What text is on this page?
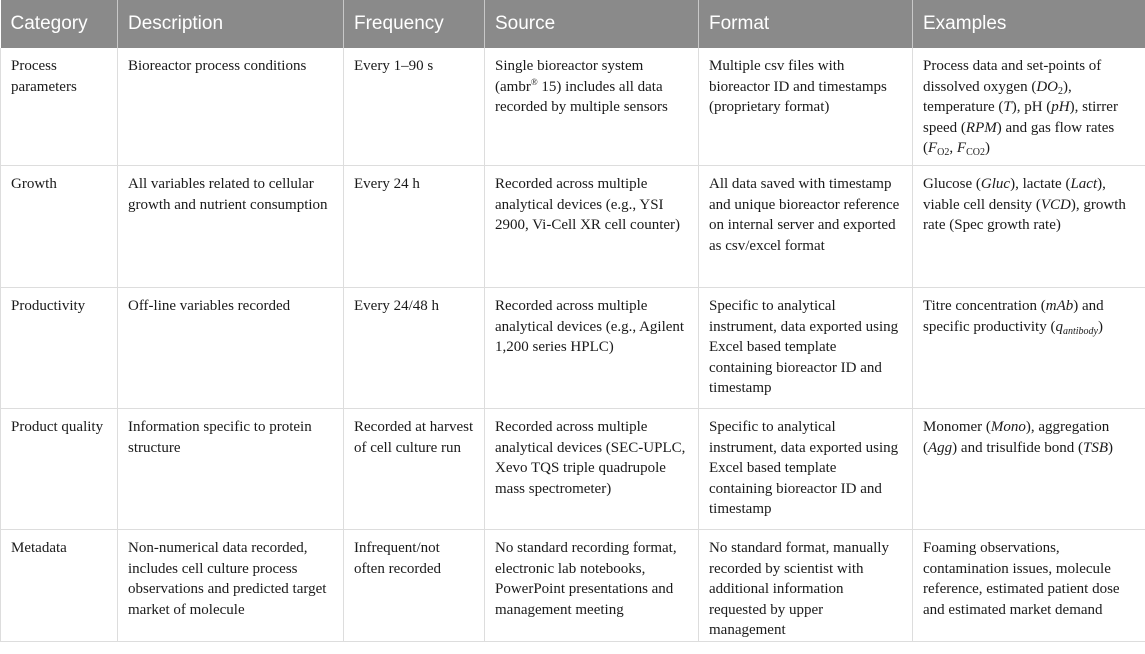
Category	Description	Frequency	Source	Format	Examples
Process parameters	Bioreactor process conditions	Every 1–90 s	Single bioreactor system (ambr® 15) includes all data recorded by multiple sensors	Multiple csv files with bioreactor ID and timestamps (proprietary format)	Process data and set-points of dissolved oxygen $(DO_2)$, temperature (T), pH (pH), stirrer speed (RPM) and gas flow rates ($F_{O2}$, $F_{CO2}$)
Growth	All variables related to cellular growth and nutrient consumption	Every 24 h	Recorded across multiple analytical devices (e.g., YSI 2900, Vi-Cell XR cell counter)	All data saved with timestamp and unique bioreactor reference on internal server and exported as csv/excel format	Glucose (Gluc), lactate (Lact), viable cell density (VCD), growth rate (Spec growth rate)
Productivity	Off-line variables recorded	Every 24/48 h	Recorded across multiple analytical devices (e.g., Agilent 1,200 series HPLC)	Specific to analytical instrument, data exported using Excel based template containing bioreactor ID and timestamp	Titre concentration (mAb) and specific productivity $(q_{antibody})$
Product quality	Information specific to protein structure	Recorded at harvest of cell culture run	Recorded across multiple analytical devices (SEC-UPLC, Xevo TQS triple quadrupole mass spectrometer)	Specific to analytical instrument, data exported using Excel based template containing bioreactor ID and timestamp	Monomer (Mono), aggregation (Agg) and trisulfide bond (TSB)
Metadata	Non-numerical data recorded, includes cell culture process observations and predicted target market of molecule	Infrequent/not often recorded	No standard recording format, electronic lab notebooks, PowerPoint presentations and management meeting	No standard format, manually recorded by scientist with additional information requested by upper management	Foaming observations, contamination issues, molecule reference, estimated patient dose and estimated market demand
